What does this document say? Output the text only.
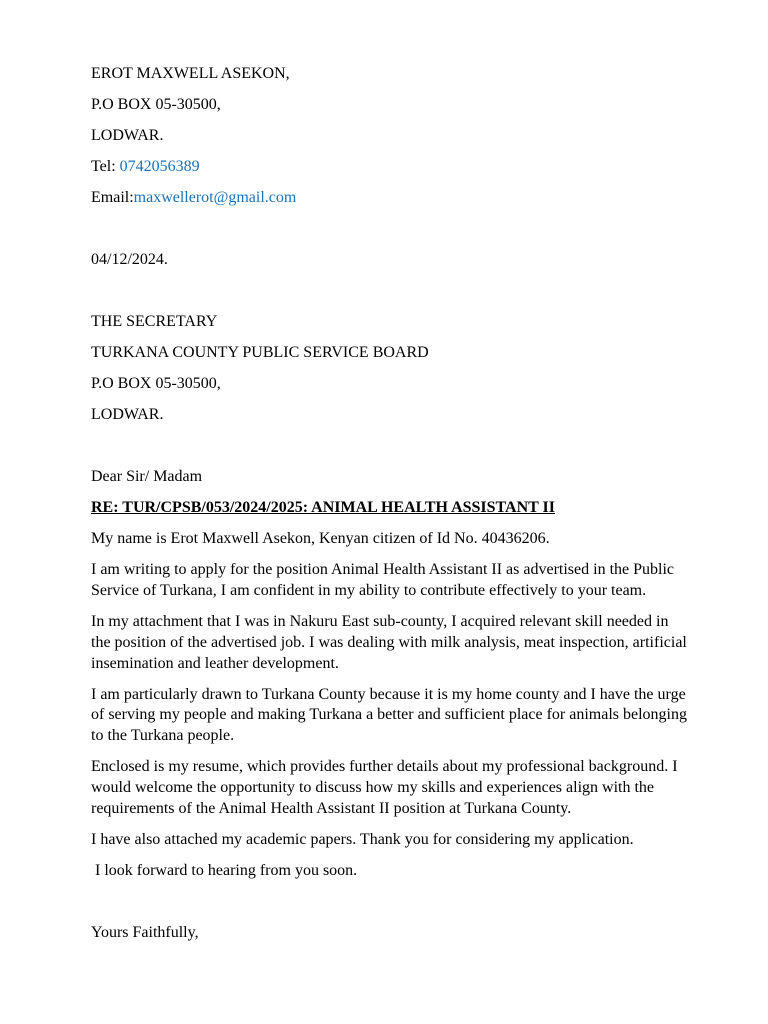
EROT MAXWELL ASEKON,
P.O BOX 05-30500,
LODWAR.
Tel: 0742056389
Email:maxwellerot@gmail.com
04/12/2024.
THE SECRETARY
TURKANA COUNTY PUBLIC SERVICE BOARD
P.O BOX 05-30500,
LODWAR.
Dear Sir/ Madam
RE: TUR/CPSB/053/2024/2025: ANIMAL HEALTH ASSISTANT II
My name is Erot Maxwell Asekon, Kenyan citizen of Id No. 40436206.
I am writing to apply for the position Animal Health Assistant II as advertised in the Public Service of Turkana, I am confident in my ability to contribute effectively to your team.
In my attachment that I was in Nakuru East sub-county, I acquired relevant skill needed in the position of the advertised job. I was dealing with milk analysis, meat inspection, artificial insemination and leather development.
I am particularly drawn to Turkana County because it is my home county and I have the urge of serving my people and making Turkana a better and sufficient place for animals belonging to the Turkana people.
Enclosed is my resume, which provides further details about my professional background. I would welcome the opportunity to discuss how my skills and experiences align with the requirements of the Animal Health Assistant II position at Turkana County.
I have also attached my academic papers. Thank you for considering my application.
I look forward to hearing from you soon.
Yours Faithfully,
